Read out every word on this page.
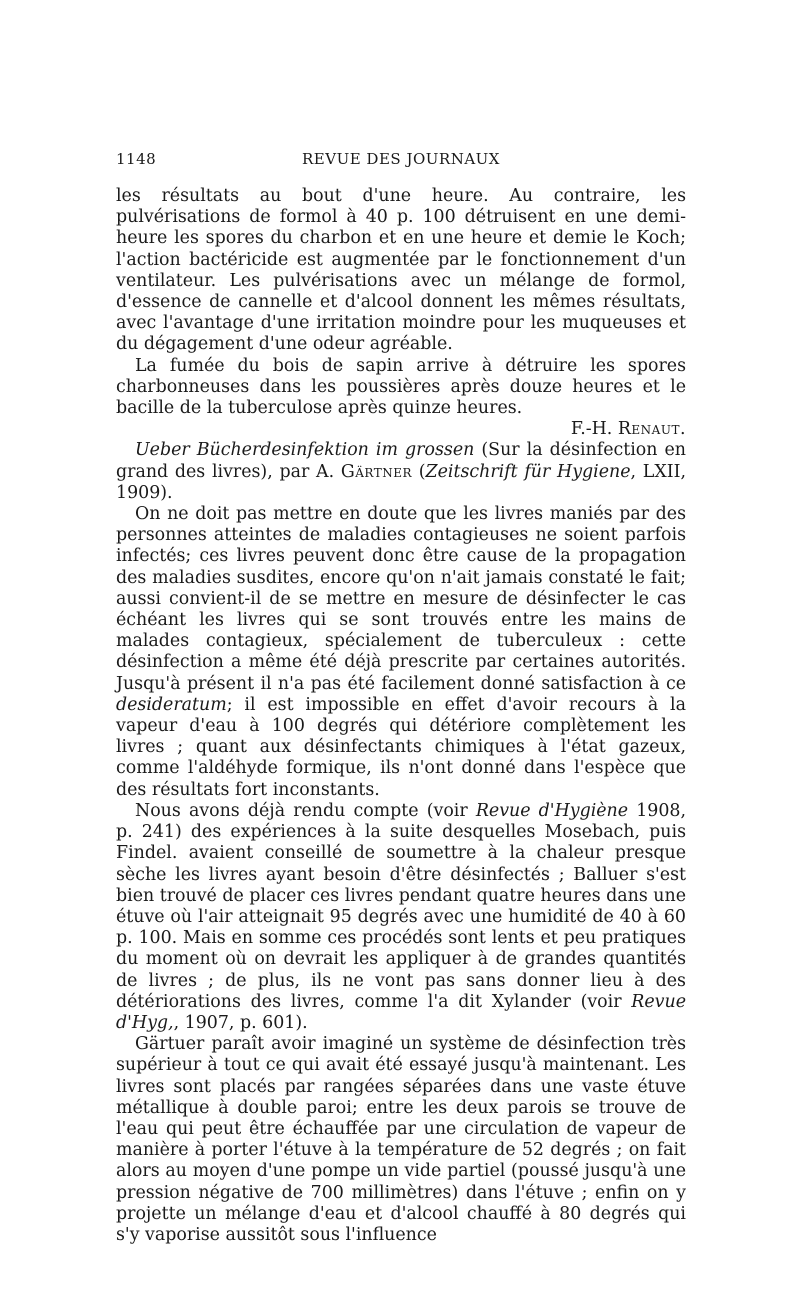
1148	REVUE DES JOURNAUX

les résultats au bout d'une heure. Au contraire, les pulvérisations de formol à 40 p. 100 détruisent en une demi-heure les spores du charbon et en une heure et demie le Koch; l'action bactéricide est augmentée par le fonctionnement d'un ventilateur. Les pulvérisations avec un mélange de formol, d'essence de cannelle et d'alcool donnent les mêmes résultats, avec l'avantage d'une irritation moindre pour les muqueuses et du dégagement d'une odeur agréable.

La fumée du bois de sapin arrive à détruire les spores charbonneuses dans les poussières après douze heures et le bacille de la tuberculose après quinze heures.

F.-H. Renaut.

Ueber Bücherdesinfektion im grossen (Sur la désinfection en grand des livres), par A. Gärtner (Zeitschrift für Hygiene, LXII, 1909).

On ne doit pas mettre en doute que les livres maniés par des personnes atteintes de maladies contagieuses ne soient parfois infectés; ces livres peuvent donc être cause de la propagation des maladies susdites, encore qu'on n'ait jamais constaté le fait; aussi convient-il de se mettre en mesure de désinfecter le cas échéant les livres qui se sont trouvés entre les mains de malades contagieux, spécialement de tuberculeux : cette désinfection a même été déjà prescrite par certaines autorités. Jusqu'à présent il n'a pas été facilement donné satisfaction à ce desideratum; il est impossible en effet d'avoir recours à la vapeur d'eau à 100 degrés qui détériore complètement les livres ; quant aux désinfectants chimiques à l'état gazeux, comme l'aldéhyde formique, ils n'ont donné dans l'espèce que des résultats fort inconstants.

Nous avons déjà rendu compte (voir Revue d'Hygiène 1908, p. 241) des expériences à la suite desquelles Mosebach, puis Findel. avaient conseillé de soumettre à la chaleur presque sèche les livres ayant besoin d'être désinfectés ; Balluer s'est bien trouvé de placer ces livres pendant quatre heures dans une étuve où l'air atteignait 95 degrés avec une humidité de 40 à 60 p. 100. Mais en somme ces procédés sont lents et peu pratiques du moment où on devrait les appliquer à de grandes quantités de livres ; de plus, ils ne vont pas sans donner lieu à des détériorations des livres, comme l'a dit Xylander (voir Revue d'Hyg,, 1907, p. 601).

Gärtuer paraît avoir imaginé un système de désinfection très supérieur à tout ce qui avait été essayé jusqu'à maintenant. Les livres sont placés par rangées séparées dans une vaste étuve métallique à double paroi; entre les deux parois se trouve de l'eau qui peut être échauffée par une circulation de vapeur de manière à porter l'étuve à la température de 52 degrés ; on fait alors au moyen d'une pompe un vide partiel (poussé jusqu'à une pression négative de 700 millimètres) dans l'étuve ; enfin on y projette un mélange d'eau et d'alcool chauffé à 80 degrés qui s'y vaporise aussitôt sous l'influence
